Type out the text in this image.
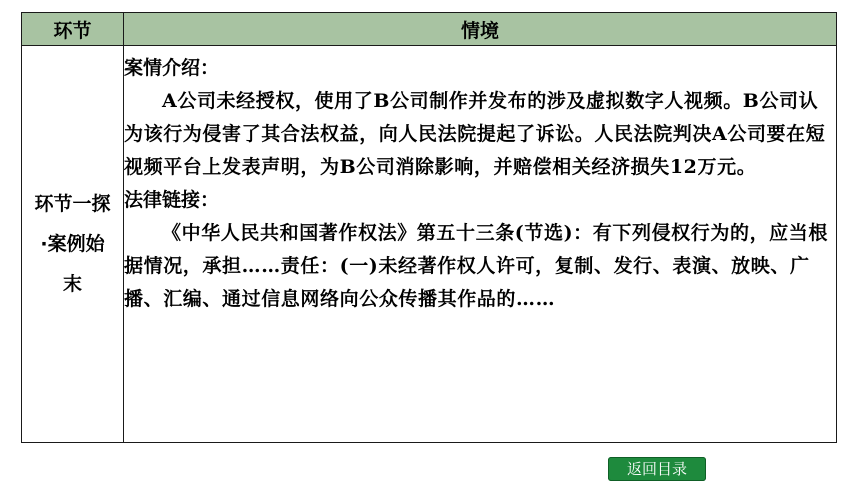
环节	情境

环节一探·案例始末	案情介绍：

A公司未经授权，使用了B公司制作并发布的涉及虚拟数字人视频。B公司认为该行为侵害了其合法权益，向人民法院提起了诉讼。人民法院判决A公司要在短视频平台上发表声明，为B公司消除影响，并赔偿相关经济损失12万元。

法律链接：

《中华人民共和国著作权法》第五十三条(节选)：有下列侵权行为的，应当根据情况，承担……责任：(一)未经著作权人许可，复制、发行、表演、放映、广播、汇编、通过信息网络向公众传播其作品的……

返回目录
